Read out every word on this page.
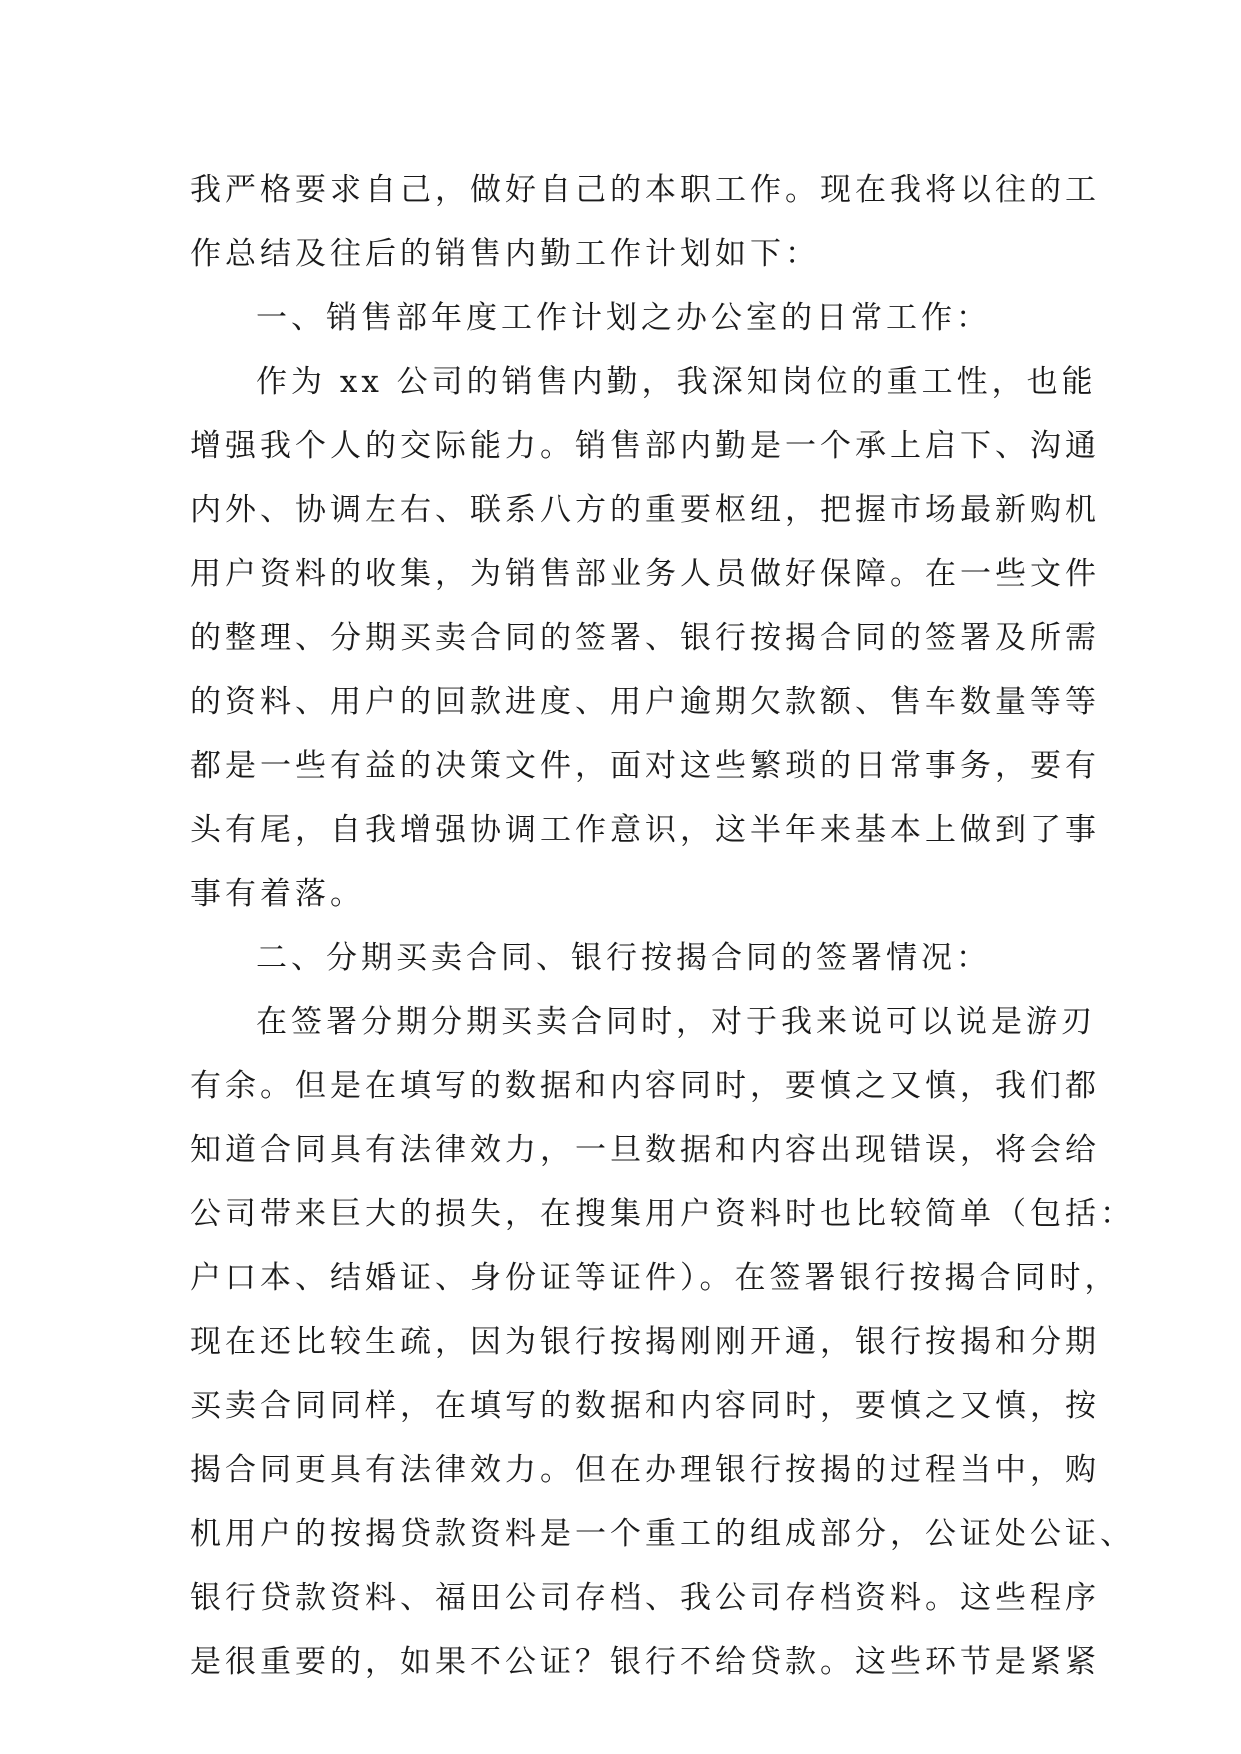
我严格要求自己，做好自己的本职工作。现在我将以往的工
作总结及往后的销售内勤工作计划如下：
一、销售部年度工作计划之办公室的日常工作：
作为 xx 公司的销售内勤，我深知岗位的重工性，也能
增强我个人的交际能力。销售部内勤是一个承上启下、沟通
内外、协调左右、联系八方的重要枢纽，把握市场最新购机
用户资料的收集，为销售部业务人员做好保障。在一些文件
的整理、分期买卖合同的签署、银行按揭合同的签署及所需
的资料、用户的回款进度、用户逾期欠款额、售车数量等等
都是一些有益的决策文件，面对这些繁琐的日常事务，要有
头有尾，自我增强协调工作意识，这半年来基本上做到了事
事有着落。
二、分期买卖合同、银行按揭合同的签署情况：
在签署分期分期买卖合同时，对于我来说可以说是游刃
有余。但是在填写的数据和内容同时，要慎之又慎，我们都
知道合同具有法律效力，一旦数据和内容出现错误，将会给
公司带来巨大的损失，在搜集用户资料时也比较简单（包括：
户口本、结婚证、身份证等证件）。在签署银行按揭合同时，
现在还比较生疏，因为银行按揭刚刚开通，银行按揭和分期
买卖合同同样，在填写的数据和内容同时，要慎之又慎，按
揭合同更具有法律效力。但在办理银行按揭的过程当中，购
机用户的按揭贷款资料是一个重工的组成部分，公证处公证、
银行贷款资料、福田公司存档、我公司存档资料。这些程序
是很重要的，如果不公证？银行不给贷款。这些环节是紧紧
